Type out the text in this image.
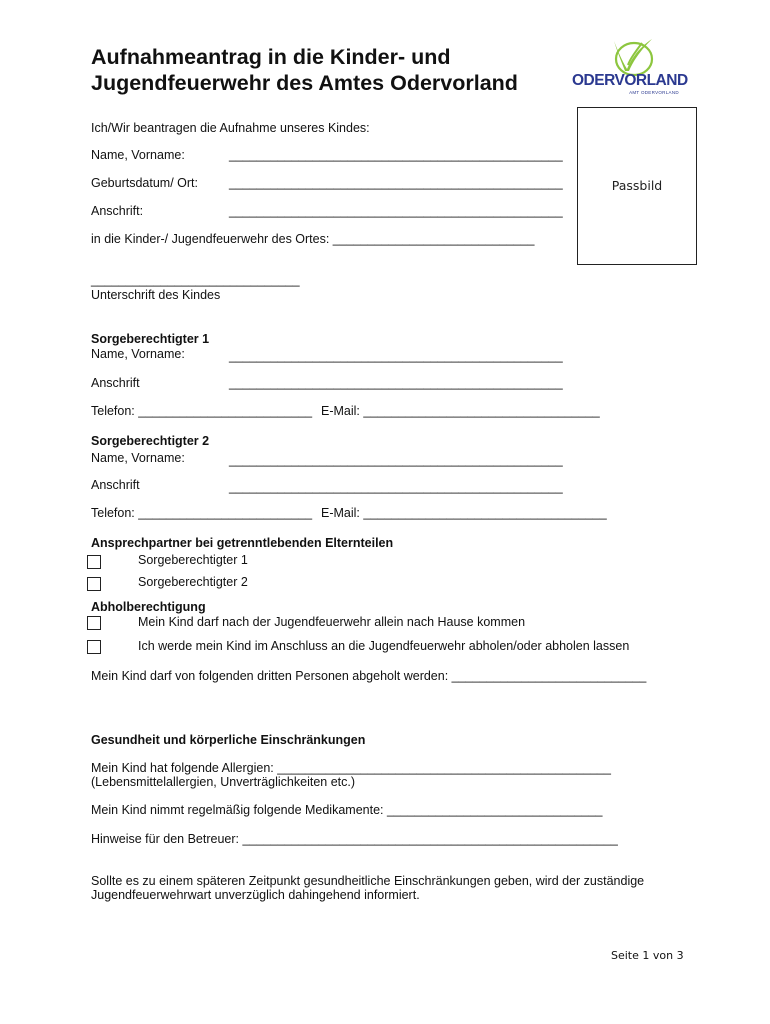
Aufnahmeantrag in die Kinder- und
Jugendfeuerwehr des Amtes Odervorland	ODERVORLAND
AMT ODERVORLAND
Passbild
Ich/Wir beantragen die Aufnahme unseres Kindes:
Name, Vorname:	________________________________________________
Geburtsdatum/ Ort: ________________________________________________
Anschrift:	________________________________________________
in die Kinder-/ Jugendfeuerwehr des Ortes: _____________________________
______________________________
Unterschrift des Kindes
Sorgeberechtigter 1
Name, Vorname:	________________________________________________
Anschrift	________________________________________________
Telefon: _________________________ E-Mail: __________________________________
Sorgeberechtigter 2
Name, Vorname:	________________________________________________
Anschrift	________________________________________________
Telefon: _________________________ E-Mail: ___________________________________
Ansprechpartner bei getrenntlebenden Elternteilen
Sorgeberechtigter 1
Sorgeberechtigter 2
Abholberechtigung
Mein Kind darf nach der Jugendfeuerwehr allein nach Hause kommen
Ich werde mein Kind im Anschluss an die Jugendfeuerwehr abholen/oder abholen lassen
Mein Kind darf von folgenden dritten Personen abgeholt werden: ____________________________
Gesundheit und körperliche Einschränkungen
Mein Kind hat folgende Allergien: ________________________________________________
(Lebensmittelallergien, Unverträglichkeiten etc.)
Mein Kind nimmt regelmäßig folgende Medikamente: _______________________________
Hinweise für den Betreuer: ______________________________________________________
Sollte es zu einem späteren Zeitpunkt gesundheitliche Einschränkungen geben, wird der zuständige
Jugendfeuerwehrwart unverzüglich dahingehend informiert.
Seite 1 von 3
